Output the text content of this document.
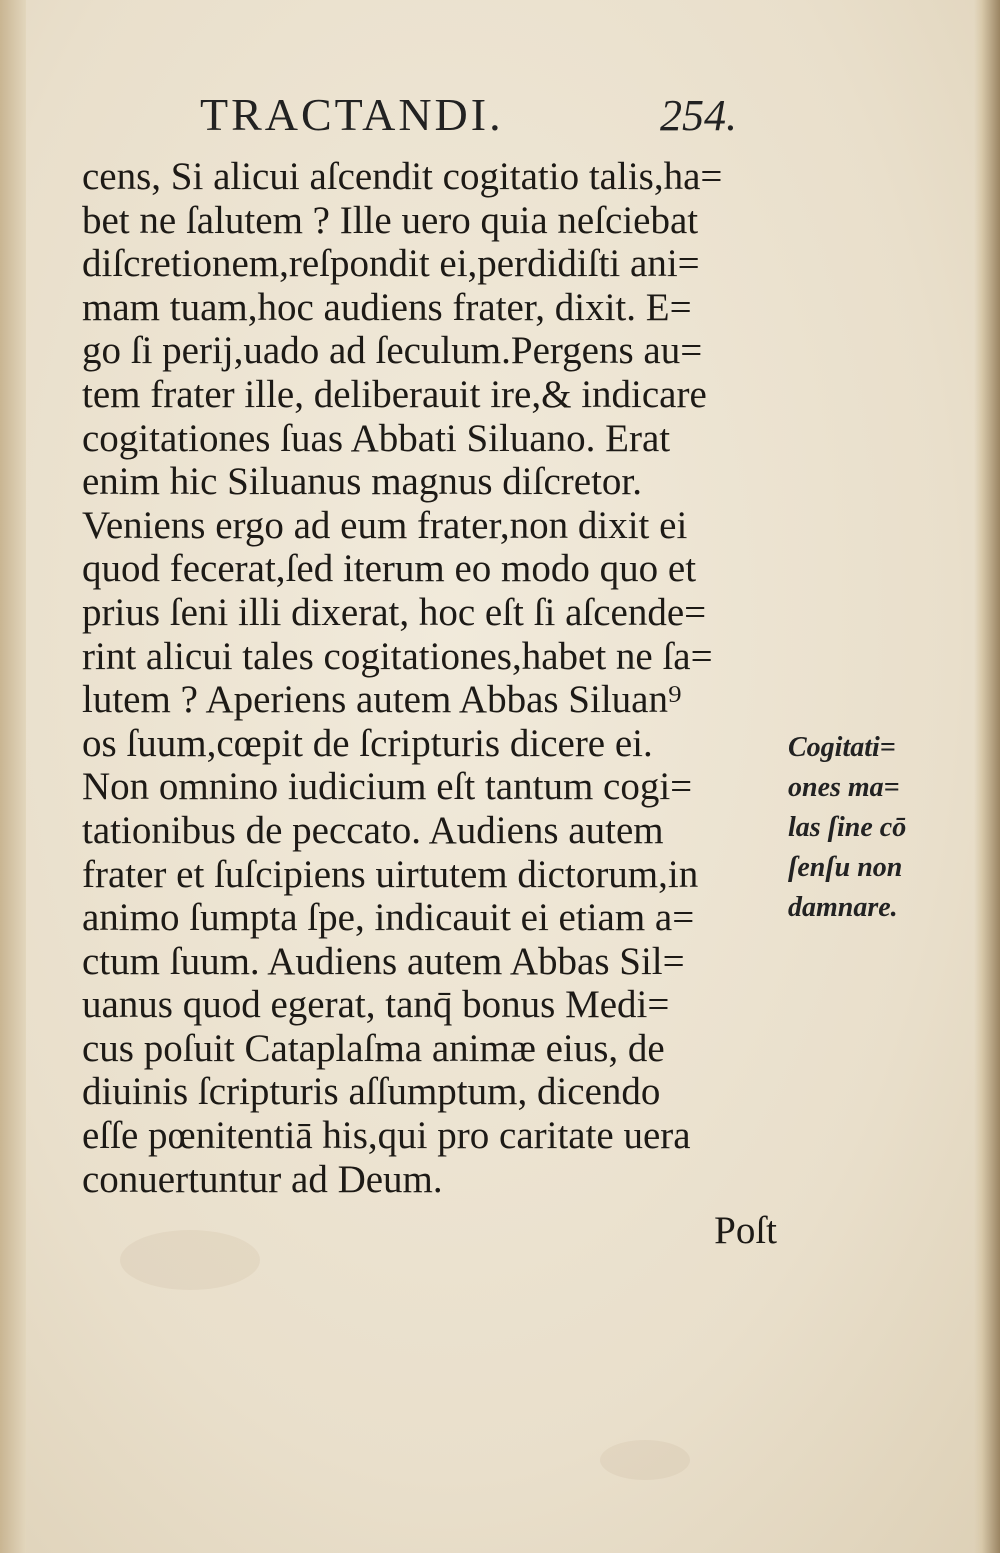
TRACTANDI.	254.
cens, Si alicui aſcendit cogitatio talis,ha=
bet ne ſalutem ? Ille uero quia neſciebat
diſcretionem,reſpondit ei,perdidiſti ani=
mam tuam,hoc audiens frater, dixit. E=
go ſi perij,uado ad ſeculum.Pergens au=
tem frater ille, deliberauit ire,& indicare
cogitationes ſuas Abbati Siluano. Erat
enim hic Siluanus magnus diſcretor.
Veniens ergo ad eum frater,non dixit ei
quod fecerat,ſed iterum eo modo quo et
prius ſeni illi dixerat, hoc eſt ſi aſcende=
rint alicui tales cogitationes,habet ne ſa=
lutem ? Aperiens autem Abbas Siluan⁹
os ſuum,cœpit de ſcripturis dicere ei.
Non omnino iudicium eſt tantum cogi=
tationibus de peccato. Audiens autem
frater et ſuſcipiens uirtutem dictorum,in
animo ſumpta ſpe, indicauit ei etiam a=
ctum ſuum. Audiens autem Abbas Sil=
uanus quod egerat, tanq̄ bonus Medi=
cus poſuit Cataplaſma animæ eius, de
diuinis ſcripturis aſſumptum, dicendo
eſſe pœnitentiā his,qui pro caritate uera
conuertuntur ad Deum.
Poſt
Cogitati=
ones ma=
las ſine cō
ſenſu non
damnare.
